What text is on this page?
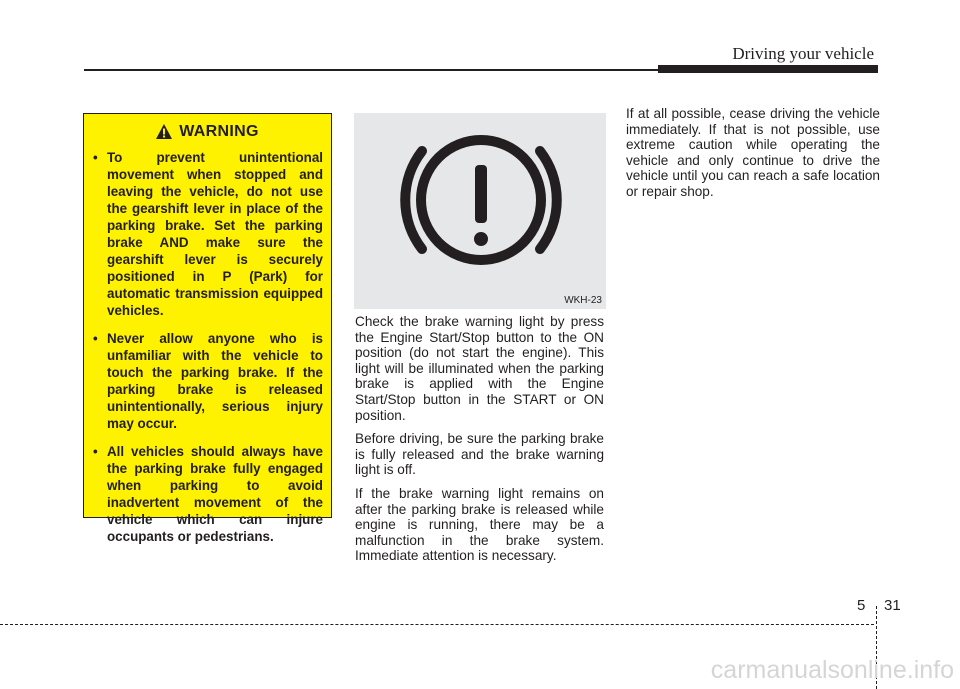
Driving your vehicle
WARNING
• To prevent unintentional movement when stopped and leaving the vehicle, do not use the gearshift lever in place of the parking brake. Set the parking brake AND make sure the gearshift lever is securely positioned in P (Park) for automatic transmission equipped vehicles.
• Never allow anyone who is unfamiliar with the vehicle to touch the parking brake. If the parking brake is released unintentionally, serious injury may occur.
• All vehicles should always have the parking brake fully engaged when parking to avoid inadvertent movement of the vehicle which can injure occupants or pedestrians.
WKH-23

Check the brake warning light by press the Engine Start/Stop button to the ON position (do not start the engine). This light will be illuminated when the parking brake is applied with the Engine Start/Stop button in the START or ON position.

Before driving, be sure the parking brake is fully released and the brake warning light is off.

If the brake warning light remains on after the parking brake is released while engine is running, there may be a malfunction in the brake system. Immediate attention is necessary.

If at all possible, cease driving the vehicle immediately. If that is not possible, use extreme caution while operating the vehicle and only continue to drive the vehicle until you can reach a safe location or repair shop.

5 31
carmanualsonline.info
